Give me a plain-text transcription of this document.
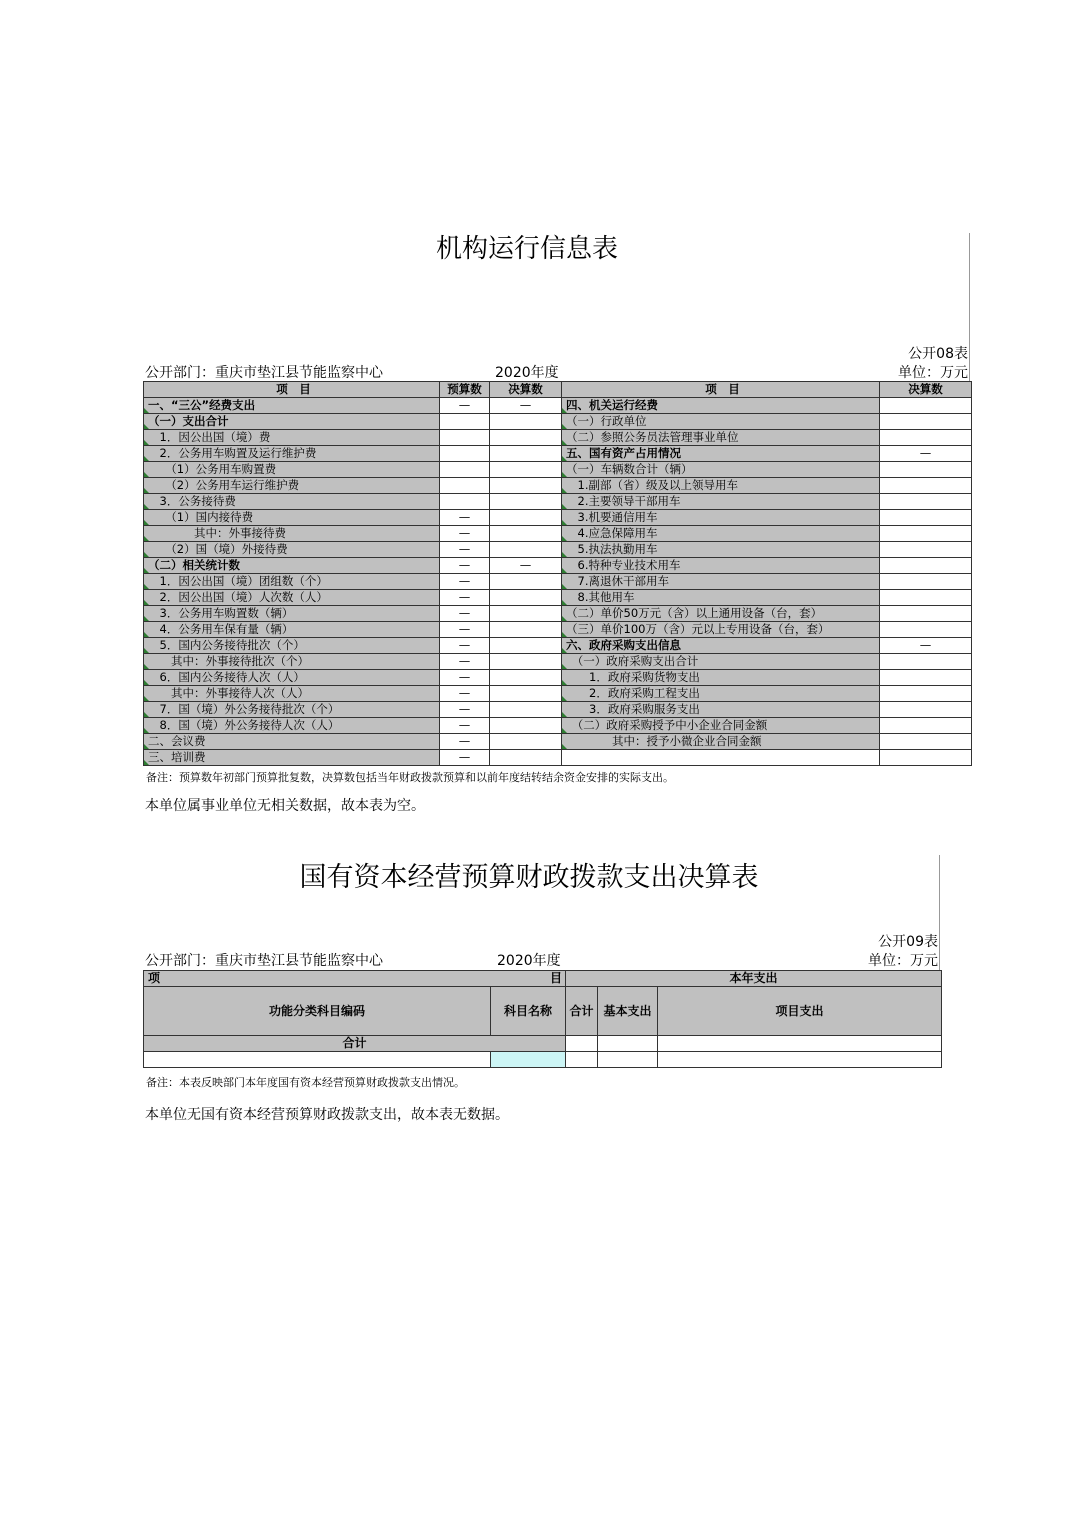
机构运行信息表
公开08表
公开部门：重庆市垫江县节能监察中心	2020年度	单位：万元
项　目	预算数	决算数	项　目	决算数
一、“三公”经费支出	—	—	四、机关运行经费	
（一）支出合计			（一）行政单位	
　1．因公出国（境）费			（二）参照公务员法管理事业单位	
　2．公务用车购置及运行维护费			五、国有资产占用情况	—
　　（1）公务用车购置费			（一）车辆数合计（辆）	
　　（2）公务用车运行维护费			　1.副部（省）级及以上领导用车	
　3．公务接待费			　2.主要领导干部用车	
　　（1）国内接待费	—		　3.机要通信用车	
　　　　其中：外事接待费	—		　4.应急保障用车	
　　（2）国（境）外接待费	—		　5.执法执勤用车	
（二）相关统计数	—	—	　6.特种专业技术用车	
　1．因公出国（境）团组数（个）	—		　7.离退休干部用车	
　2．因公出国（境）人次数（人）	—		　8.其他用车	
　3．公务用车购置数（辆）	—		（二）单价50万元（含）以上通用设备（台，套）	
　4．公务用车保有量（辆）	—		（三）单价100万（含）元以上专用设备（台，套）	
　5．国内公务接待批次（个）	—		六、政府采购支出信息	—
　　其中：外事接待批次（个）	—		　（一）政府采购支出合计	
　6．国内公务接待人次（人）	—		　　1．政府采购货物支出	
　　其中：外事接待人次（人）	—		　　2．政府采购工程支出	
　7．国（境）外公务接待批次（个）	—		　　3．政府采购服务支出	
　8．国（境）外公务接待人次（人）	—		　（二）政府采购授予中小企业合同金额	
二、会议费	—		　　　　其中：授予小微企业合同金额	
三、培训费	—			
备注：预算数年初部门预算批复数，决算数包括当年财政拨款预算和以前年度结转结余资金安排的实际支出。
本单位属事业单位无相关数据，故本表为空。
国有资本经营预算财政拨款支出决算表
公开09表
公开部门：重庆市垫江县节能监察中心	2020年度	单位：万元
项 目		本年支出		
功能分类科目编码	科目名称	合计	基本支出	项目支出
合计				

备注：本表反映部门本年度国有资本经营预算财政拨款支出情况。
本单位无国有资本经营预算财政拨款支出，故本表无数据。
